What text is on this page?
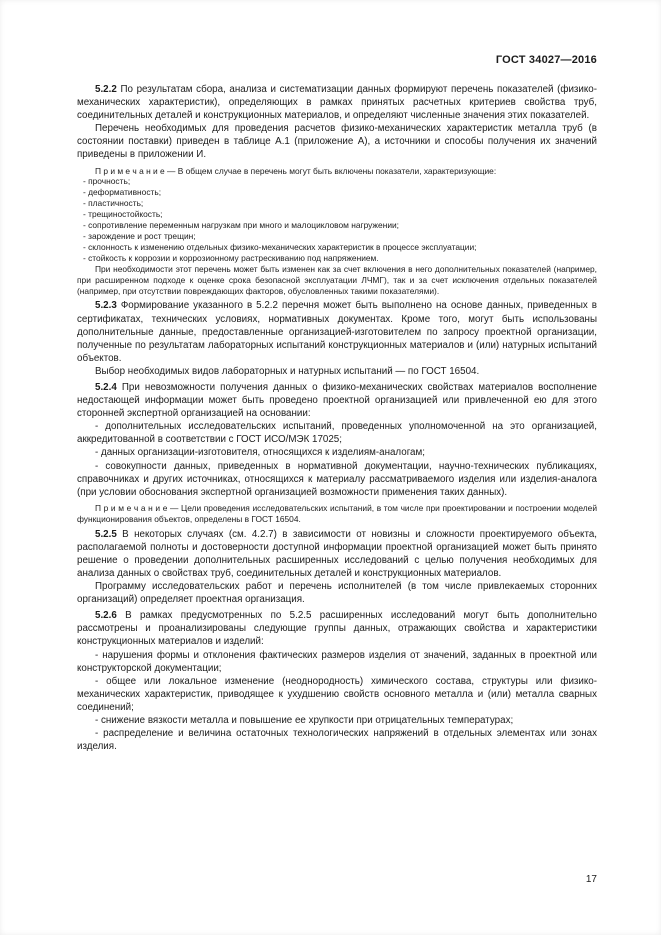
ГОСТ 34027—2016

5.2.2 По результатам сбора, анализа и систематизации данных формируют перечень показателей (физико-механических характеристик), определяющих в рамках принятых расчетных критериев свойства труб, соединительных деталей и конструкционных материалов, и определяют численные значения этих показателей.

Перечень необходимых для проведения расчетов физико-механических характеристик металла труб (в состоянии поставки) приведен в таблице А.1 (приложение А), а источники и способы получения их значений приведены в приложении И.

П р и м е ч а н и е — В общем случае в перечень могут быть включены показатели, характеризующие:

- прочность;

- деформативность;

- пластичность;

- трещиностойкость;

- сопротивление переменным нагрузкам при много и малоцикловом нагружении;

- зарождение и рост трещин;

- склонность к изменению отдельных физико-механических характеристик в процессе эксплуатации;

- стойкость к коррозии и коррозионному растрескиванию под напряжением.

При необходимости этот перечень может быть изменен как за счет включения в него дополнительных показателей (например, при расширенном подходе к оценке срока безопасной эксплуатации ЛЧМГ), так и за счет исключения отдельных показателей (например, при отсутствии повреждающих факторов, обусловленных такими показателями).

5.2.3 Формирование указанного в 5.2.2 перечня может быть выполнено на основе данных, приведенных в сертификатах, технических условиях, нормативных документах. Кроме того, могут быть использованы дополнительные данные, предоставленные организацией-изготовителем по запросу проектной организации, полученные по результатам лабораторных испытаний конструкционных материалов и (или) натурных испытаний объектов.

Выбор необходимых видов лабораторных и натурных испытаний — по ГОСТ 16504.

5.2.4 При невозможности получения данных о физико-механических свойствах материалов восполнение недостающей информации может быть проведено проектной организацией или привлеченной ею для этого сторонней экспертной организацией на основании:

- дополнительных исследовательских испытаний, проведенных уполномоченной на это организацией, аккредитованной в соответствии с ГОСТ ИСО/МЭК 17025;

- данных организации-изготовителя, относящихся к изделиям-аналогам;

- совокупности данных, приведенных в нормативной документации, научно-технических публикациях, справочниках и других источниках, относящихся к материалу рассматриваемого изделия или изделия-аналога (при условии обоснования экспертной организацией возможности применения таких данных).

П р и м е ч а н и е — Цели проведения исследовательских испытаний, в том числе при проектировании и построении моделей функционирования объектов, определены в ГОСТ 16504.

5.2.5 В некоторых случаях (см. 4.2.7) в зависимости от новизны и сложности проектируемого объекта, располагаемой полноты и достоверности доступной информации проектной организацией может быть принято решение о проведении дополнительных расширенных исследований с целью получения необходимых для анализа данных о свойствах труб, соединительных деталей и конструкционных материалов.

Программу исследовательских работ и перечень исполнителей (в том числе привлекаемых сторонних организаций) определяет проектная организация.

5.2.6 В рамках предусмотренных по 5.2.5 расширенных исследований могут быть дополнительно рассмотрены и проанализированы следующие группы данных, отражающих свойства и характеристики конструкционных материалов и изделий:

- нарушения формы и отклонения фактических размеров изделия от значений, заданных в проектной или конструкторской документации;

- общее или локальное изменение (неоднородность) химического состава, структуры или физико-механических характеристик, приводящее к ухудшению свойств основного металла и (или) металла сварных соединений;

- снижение вязкости металла и повышение ее хрупкости при отрицательных температурах;

- распределение и величина остаточных технологических напряжений в отдельных элементах или зонах изделия.

17
